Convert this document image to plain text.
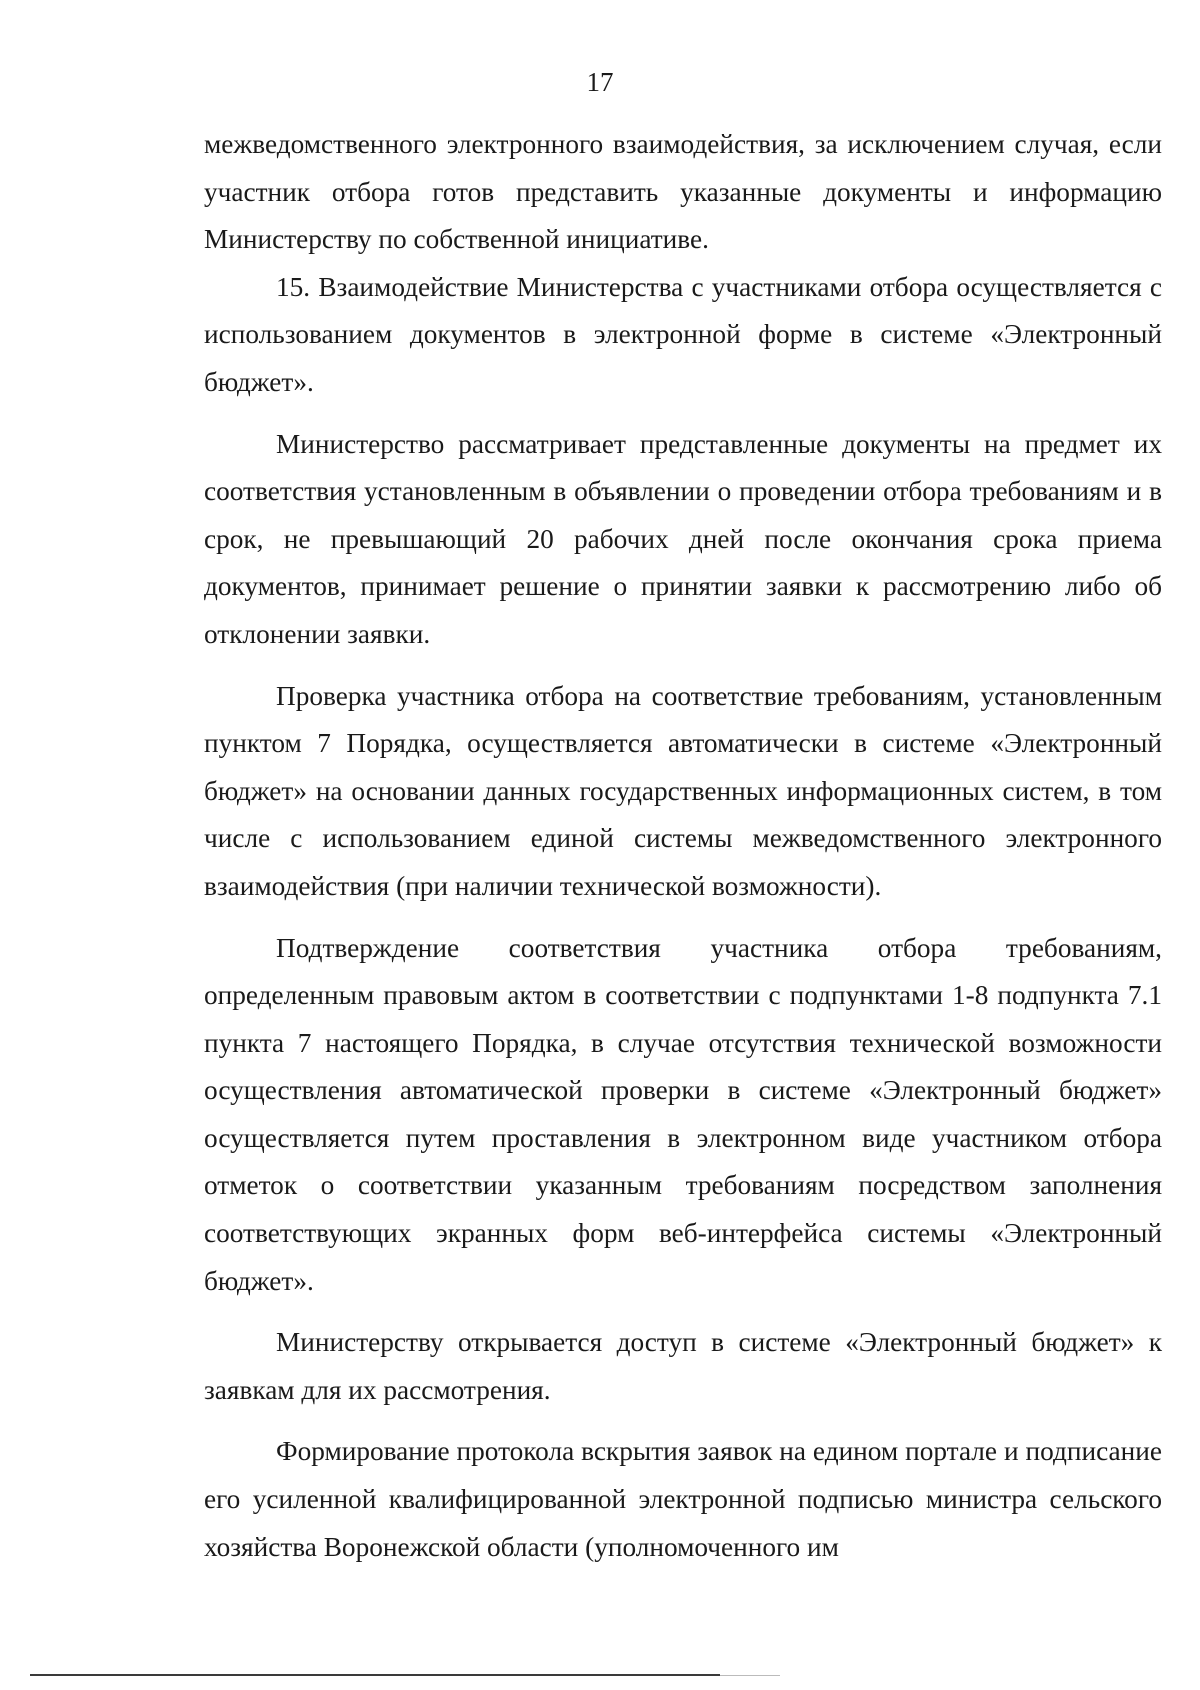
17

межведомственного электронного взаимодействия, за исключением случая, если участник отбора готов представить указанные документы и информацию Министерству по собственной инициативе.

15. Взаимодействие Министерства с участниками отбора осуществляется с использованием документов в электронной форме в системе «Электронный бюджет».

Министерство рассматривает представленные документы на предмет их соответствия установленным в объявлении о проведении отбора требованиям и в срок, не превышающий 20 рабочих дней после окончания срока приема документов, принимает решение о принятии заявки к рассмотрению либо об отклонении заявки.

Проверка участника отбора на соответствие требованиям, установленным пунктом 7 Порядка, осуществляется автоматически в системе «Электронный бюджет» на основании данных государственных информационных систем, в том числе с использованием единой системы межведомственного электронного взаимодействия (при наличии технической возможности).

Подтверждение соответствия участника отбора требованиям, определенным правовым актом в соответствии с подпунктами 1-8 подпункта 7.1 пункта 7 настоящего Порядка, в случае отсутствия технической возможности осуществления автоматической проверки в системе «Электронный бюджет» осуществляется путем проставления в электронном виде участником отбора отметок о соответствии указанным требованиям посредством заполнения соответствующих экранных форм веб-интерфейса системы «Электронный бюджет».

Министерству открывается доступ в системе «Электронный бюджет» к заявкам для их рассмотрения.

Формирование протокола вскрытия заявок на едином портале и подписание его усиленной квалифицированной электронной подписью министра сельского хозяйства Воронежской области (уполномоченного им
